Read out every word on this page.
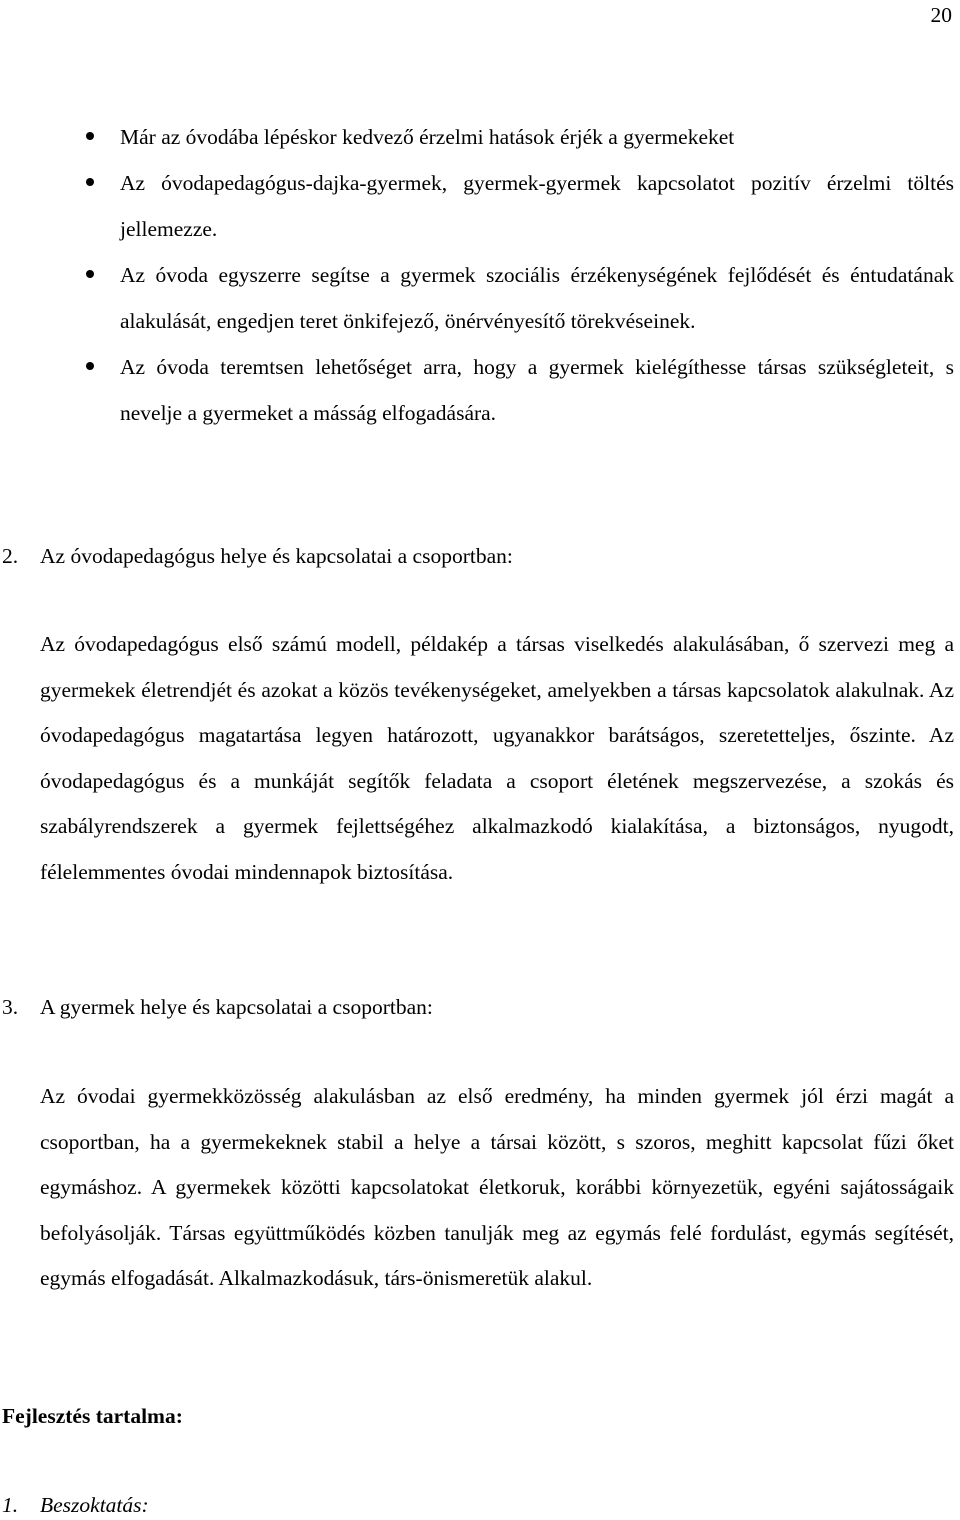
20
Már az óvodába lépéskor kedvező érzelmi hatások érjék a gyermekeket
Az óvodapedagógus-dajka-gyermek, gyermek-gyermek kapcsolatot pozitív érzelmi töltés jellemezze.
Az óvoda egyszerre segítse a gyermek szociális érzékenységének fejlődését és éntudatának alakulását, engedjen teret önkifejező, önérvényesítő törekvéseinek.
Az óvoda teremtsen lehetőséget arra, hogy a gyermek kielégíthesse társas szükségleteit, s nevelje a gyermeket a másság elfogadására.
2. Az óvodapedagógus helye és kapcsolatai a csoportban:
Az óvodapedagógus első számú modell, példakép a társas viselkedés alakulásában, ő szervezi meg a gyermekek életrendjét és azokat a közös tevékenységeket, amelyekben a társas kapcsolatok alakulnak. Az óvodapedagógus magatartása legyen határozott, ugyanakkor barátságos, szeretetteljes, őszinte. Az óvodapedagógus és a munkáját segítők feladata a csoport életének megszervezése, a szokás és szabályrendszerek a gyermek fejlettségéhez alkalmazkodó kialakítása, a biztonságos, nyugodt, félelemmentes óvodai mindennapok biztosítása.
3. A gyermek helye és kapcsolatai a csoportban:
Az óvodai gyermekközösség alakulásban az első eredmény, ha minden gyermek jól érzi magát a csoportban, ha a gyermekeknek stabil a helye a társai között, s szoros, meghitt kapcsolat fűzi őket egymáshoz. A gyermekek közötti kapcsolatokat életkoruk, korábbi környezetük, egyéni sajátosságaik befolyásolják. Társas együttműködés közben tanulják meg az egymás felé fordulást, egymás segítését, egymás elfogadását. Alkalmazkodásuk, társ-önismeretük alakul.
Fejlesztés tartalma:
1. Beszoktatás:
